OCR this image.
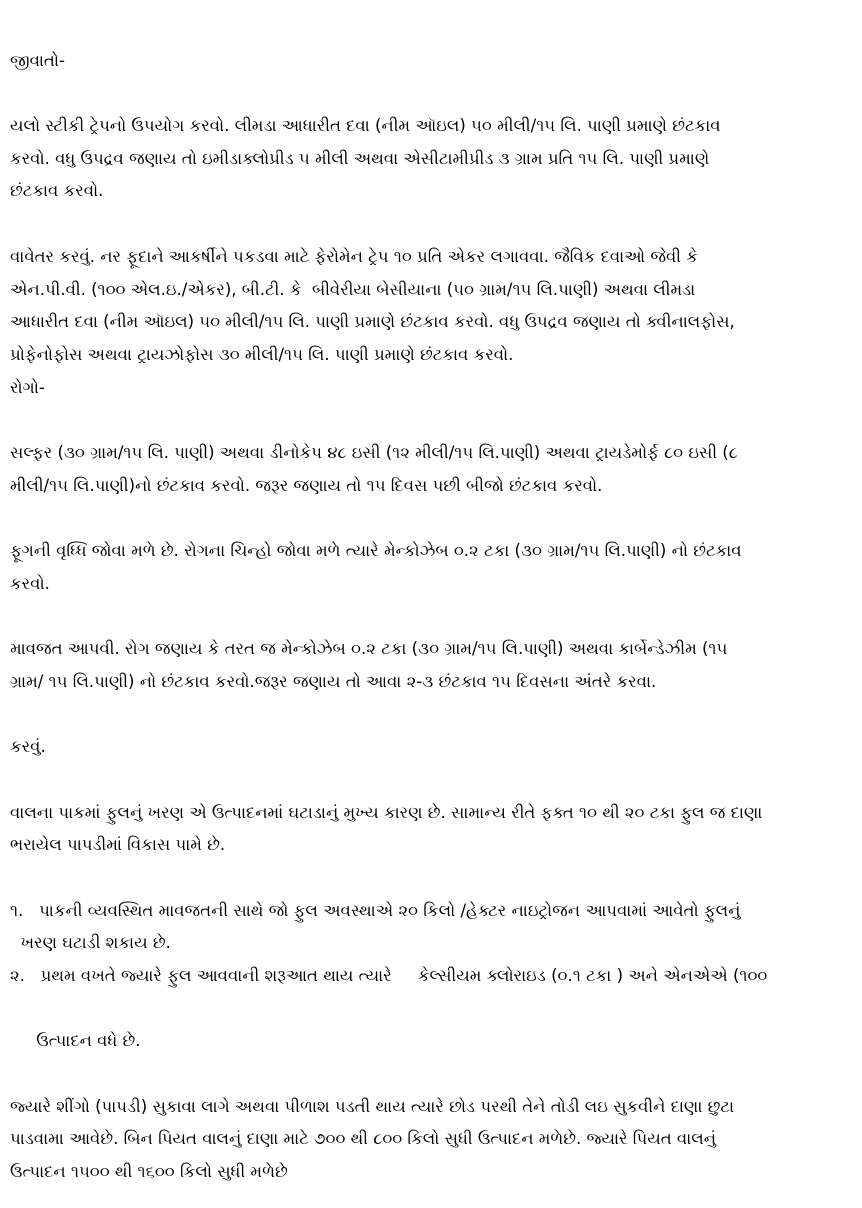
જીવાતો-

યલો સ્ટીકી ટ્રેપનો ઉપયોગ કરવો. લીમડા આધારીત દવા (નીમ ઑઇલ) ૫૦ મીલી/૧૫ લિ. પાણી પ્રમાણે છંટકાવ
કરવો. વધુ ઉપદ્રવ જણાય તો ઇમીડાક્લોપ્રીડ ૫ મીલી અથવા એસીટામીપ્રીડ ૩ ગ્રામ પ્રતિ ૧૫ લિ. પાણી પ્રમાણે
છંટકાવ કરવો.

વાવેતર કરવું. નર ફૂદાને આકર્ષીને પકડવા માટે ફેરોમેન ટ્રેપ ૧૦ પ્રતિ એકર લગાવવા. જૈવિક દવાઓ જેવી કે
એન.પી.વી. (૧૦૦ એલ.ઇ./એકર), બી.ટી. કે  બીવેરીયા બેસીયાના (૫૦ ગ્રામ/૧૫ લિ.પાણી) અથવા લીમડા
આધારીત દવા (નીમ ઑઇલ) ૫૦ મીલી/૧૫ લિ. પાણી પ્રમાણે છંટકાવ કરવો. વધુ ઉપદ્રવ જણાય તો ક્વીનાલફોસ,
પ્રોફેનોફોસ અથવા ટ્રાયઝોફોસ ૩૦ મીલી/૧૫ લિ. પાણી પ્રમાણે છંટકાવ કરવો.
રોગો-

સલ્ફર (૩૦ ગ્રામ/૧૫ લિ. પાણી) અથવા ડીનોકેપ ૪૮ ઇસી (૧૨ મીલી/૧૫ લિ.પાણી) અથવા ટ્રાયડેમોર્ફ ૮૦ ઇસી (૮
મીલી/૧૫ લિ.પાણી)નો છંટકાવ કરવો. જરૂર જણાય તો ૧૫ દિવસ પછી બીજો છંટકાવ કરવો.

ફૂગની વૃધ્ધિ જોવા મળે છે. રોગના ચિન્હો જોવા મળે ત્યારે મેન્કોઝેબ ૦.૨ ટકા (૩૦ ગ્રામ/૧૫ લિ.પાણી) નો છંટકાવ
કરવો.

માવજત આપવી. રોગ જણાય કે તરત જ મેન્કોઝેબ ૦.૨ ટકા (૩૦ ગ્રામ/૧૫ લિ.પાણી) અથવા કાર્બેન્ડેઝીમ (૧૫
ગ્રામ/ ૧૫ લિ.પાણી) નો છંટકાવ કરવો.જરૂર જણાય તો આવા ૨-૩ છંટકાવ ૧૫ દિવસના અંતરે કરવા.

કરવું.

વાલના પાકમાં ફુલનું ખરણ એ ઉત્પાદનમાં ઘટાડાનું મુખ્ય કારણ છે. સામાન્ય રીતે ફક્ત ૧૦ થી ૨૦ ટકા ફુલ જ દાણા
ભરાયેલ પાપડીમાં વિકાસ પામે છે.

૧.   પાકની વ્યવસ્થિત માવજતની સાથે જો ફુલ અવસ્થાએ ૨૦ કિલો /હેક્ટર નાઇટ્રોજન આપવામાં આવેતો ફુલનું
ખરણ ઘટાડી શકાય છે.
૨.   પ્રથમ વખતે જ્યારે ફુલ આવવાની શરૂઆત થાય ત્યારે     કેલ્સીયમ ક્લોરાઇડ (૦.૧ ટકા ) અને એનએએ (૧૦૦

ઉત્પાદન વધે છે.

જ્યારે શીંગો (પાપડી) સુકાવા લાગે અથવા પીળાશ પડતી થાય ત્યારે છોડ પરથી તેને તોડી લઇ સુકવીને દાણા છુટા
પાડવામા આવેછે. બિન પિયત વાલનું દાણા માટે ૭૦૦ થી ૮૦૦ કિલો સુધી ઉત્પાદન મળેછે. જ્યારે પિયત વાલનું
ઉત્પાદન ૧૫૦૦ થી ૧૬૦૦ કિલો સુધી મળેછે
